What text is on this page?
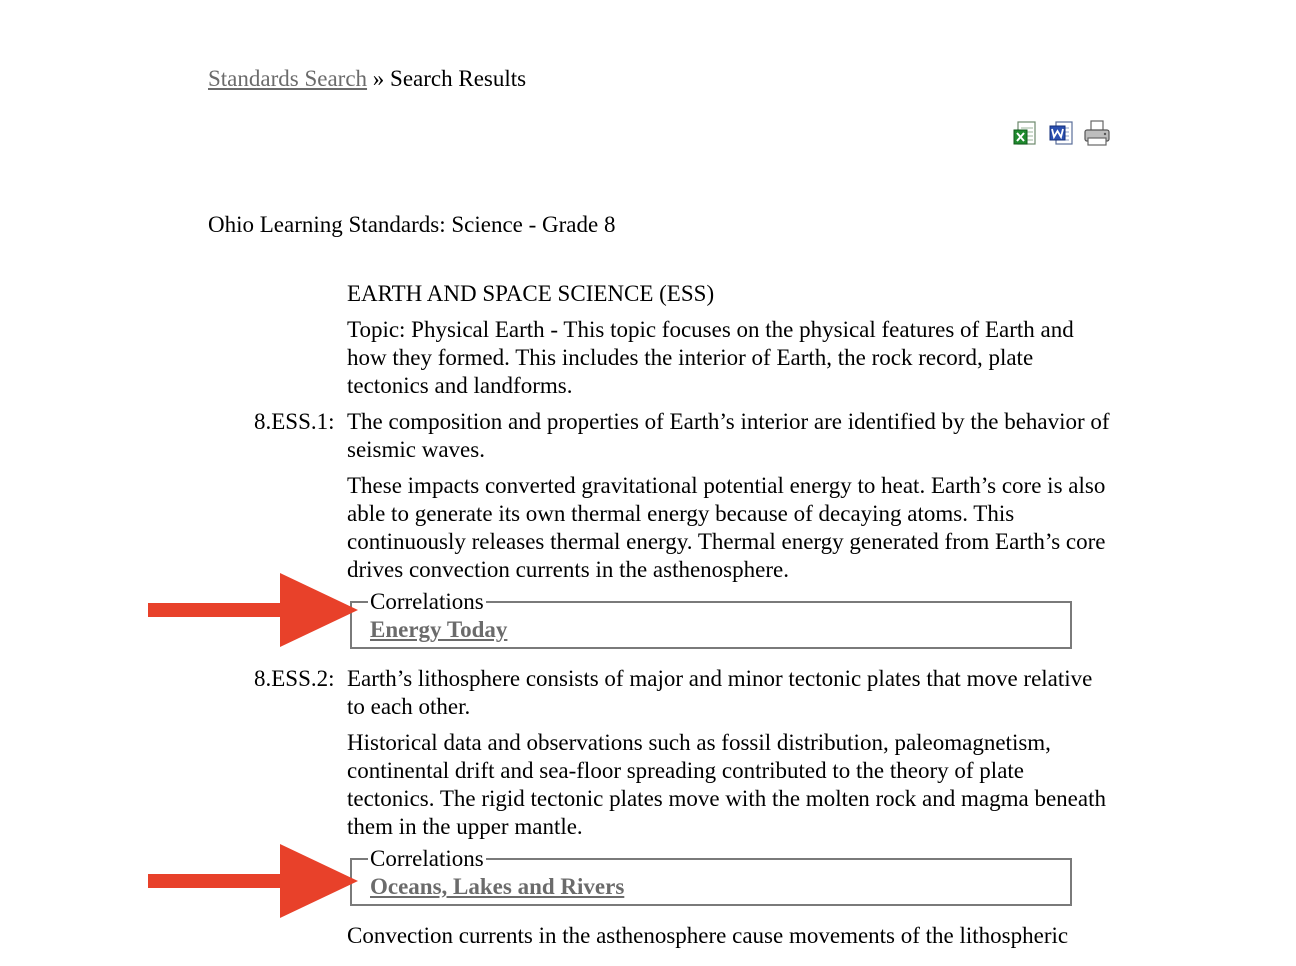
Standards Search » Search Results
Ohio Learning Standards: Science - Grade 8
EARTH AND SPACE SCIENCE (ESS)
Topic: Physical Earth - This topic focuses on the physical features of Earth and how they formed. This includes the interior of Earth, the rock record, plate tectonics and landforms.
8.ESS.1: The composition and properties of Earth’s interior are identified by the behavior of seismic waves.

These impacts converted gravitational potential energy to heat. Earth’s core is also able to generate its own thermal energy because of decaying atoms. This continuously releases thermal energy. Thermal energy generated from Earth’s core drives convection currents in the asthenosphere.

Correlations
Energy Today
8.ESS.2: Earth’s lithosphere consists of major and minor tectonic plates that move relative to each other.

Historical data and observations such as fossil distribution, paleomagnetism, continental drift and sea-floor spreading contributed to the theory of plate tectonics. The rigid tectonic plates move with the molten rock and magma beneath them in the upper mantle.

Correlations
Oceans, Lakes and Rivers
Convection currents in the asthenosphere cause movements of the lithospheric
